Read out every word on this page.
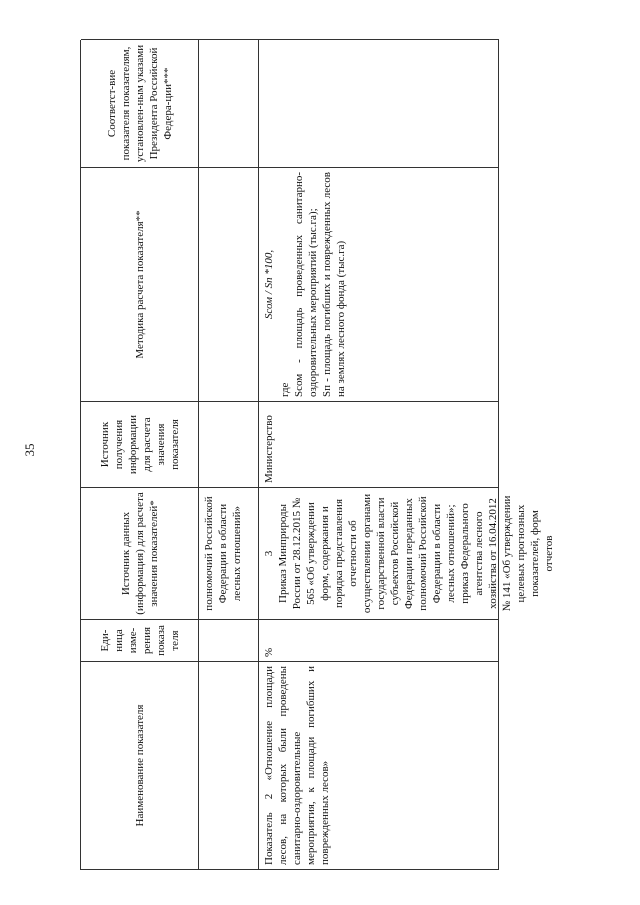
35
Наименование показателя
Еди-ница изме-рения показа теля
Источник данных (информация) для расчета значения показателей*
Источник получения информации для расчета значения показателя
Методика расчета показателя**
Соответст-вие показателя показателям, установлен-ным указами Президента Российской Федера-ции***
полномочий Российской Федерации в области лесных отношений»
Показатель 2 «Отношение площади лесов, на которых были проведены санитарно-оздоровительные мероприятия, к площади погибших и поврежденных лесов»
%
3 Приказ Минприроды России от 28.12.2015 № 565 «Об утверждении форм, содержания и порядка представления отчетности об осуществлении органами государственной власти субъектов Российской Федерации переданных полномочий Российской Федерации в области лесных отношений»; приказ Федерального агентства лесного хозяйства от 16.04.2012 № 141 «Об утверждении целевых прогнозных показателей, форм отчетов
Министерство
Sсом / Sп *100,
где Sсом - площадь проведенных санитарно-оздоровительных мероприятий (тыс.га); Sп - площадь погибших и поврежденных лесов на землях лесного фонда (тыс.га)
